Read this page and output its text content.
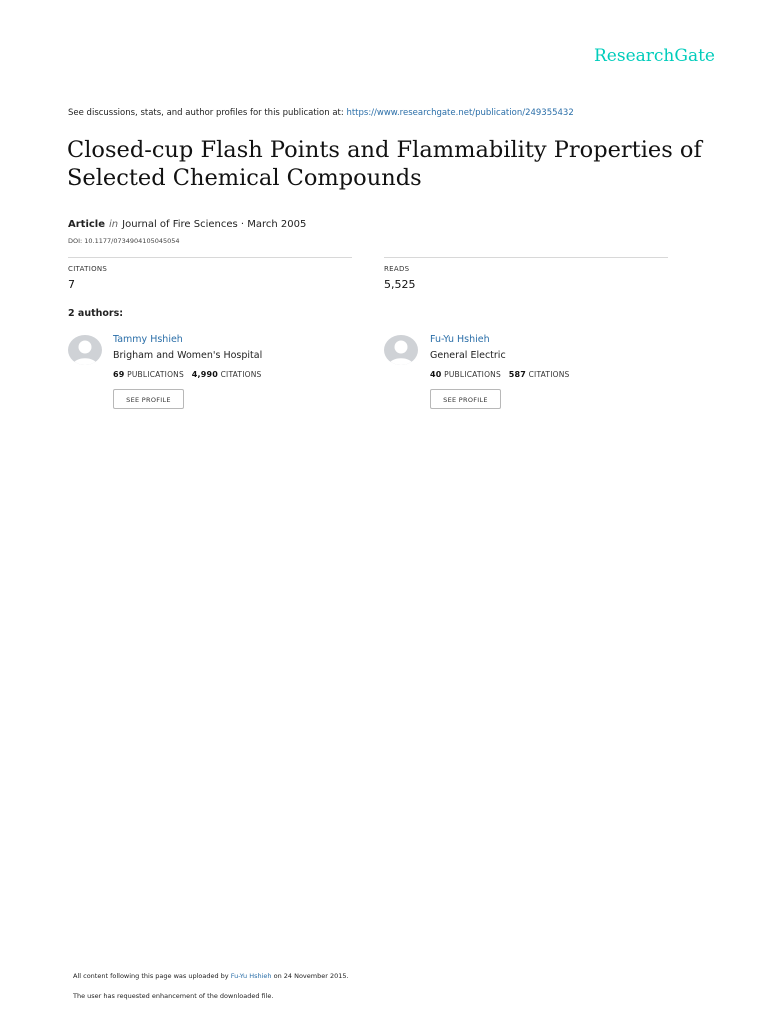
ResearchGate
See discussions, stats, and author profiles for this publication at: https://www.researchgate.net/publication/249355432
Closed-cup Flash Points and Flammability Properties of Selected Chemical Compounds
Article in Journal of Fire Sciences · March 2005
DOI: 10.1177/0734904105045054
CITATIONS
7
READS
5,525
2 authors:
Tammy Hshieh
Brigham and Women's Hospital
69 PUBLICATIONS 4,990 CITATIONS
SEE PROFILE
Fu-Yu Hshieh
General Electric
40 PUBLICATIONS 587 CITATIONS
SEE PROFILE
All content following this page was uploaded by Fu-Yu Hshieh on 24 November 2015.
The user has requested enhancement of the downloaded file.
